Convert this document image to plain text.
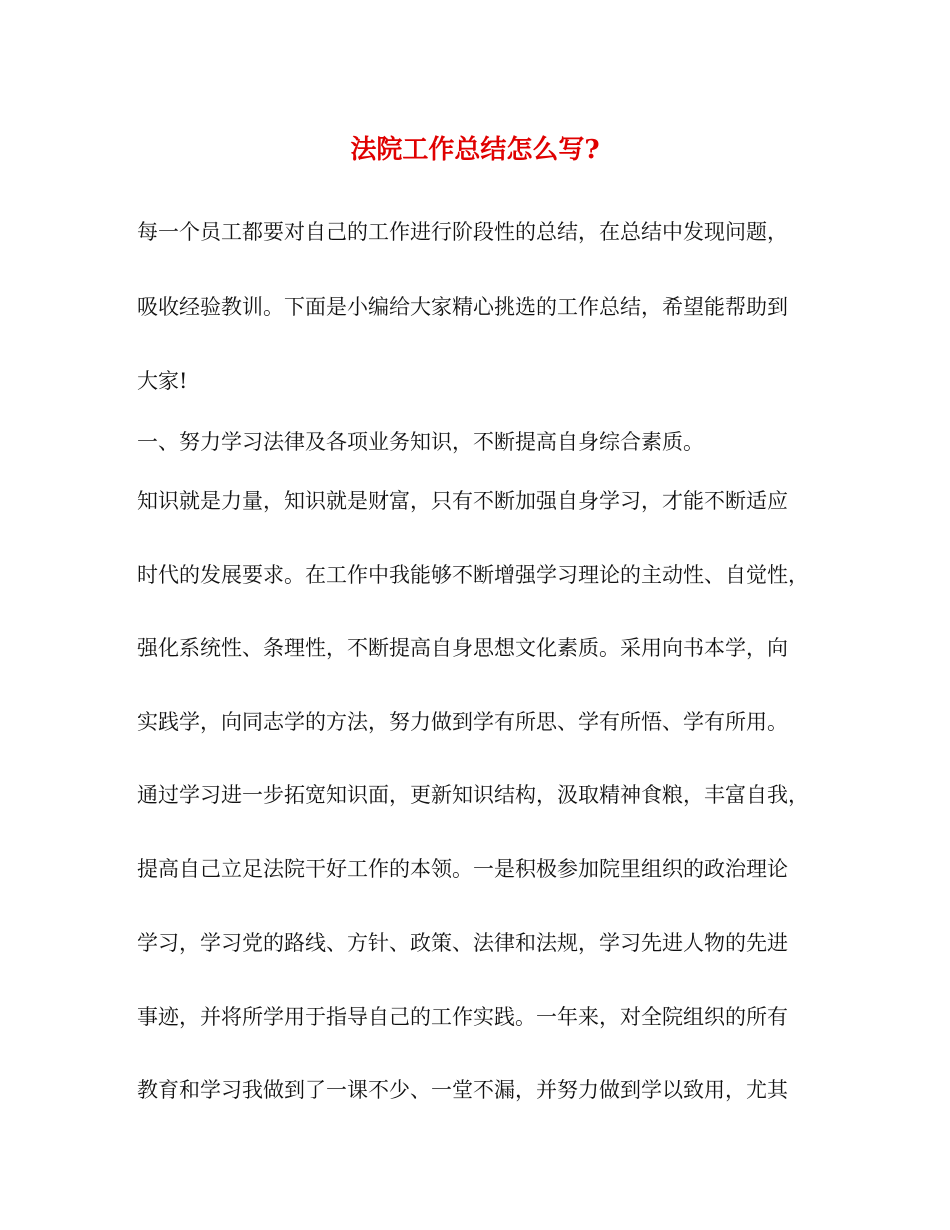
法院工作总结怎么写?

每一个员工都要对自己的工作进行阶段性的总结，在总结中发现问题，

吸收经验教训。下面是小编给大家精心挑选的工作总结，希望能帮助到

大家!

一、努力学习法律及各项业务知识，不断提高自身综合素质。

知识就是力量，知识就是财富，只有不断加强自身学习，才能不断适应

时代的发展要求。在工作中我能够不断增强学习理论的主动性、自觉性，

强化系统性、条理性，不断提高自身思想文化素质。采用向书本学，向

实践学，向同志学的方法，努力做到学有所思、学有所悟、学有所用。

通过学习进一步拓宽知识面，更新知识结构，汲取精神食粮，丰富自我，

提高自己立足法院干好工作的本领。一是积极参加院里组织的政治理论

学习，学习党的路线、方针、政策、法律和法规，学习先进人物的先进

事迹，并将所学用于指导自己的工作实践。一年来，对全院组织的所有

教育和学习我做到了一课不少、一堂不漏，并努力做到学以致用，尤其
